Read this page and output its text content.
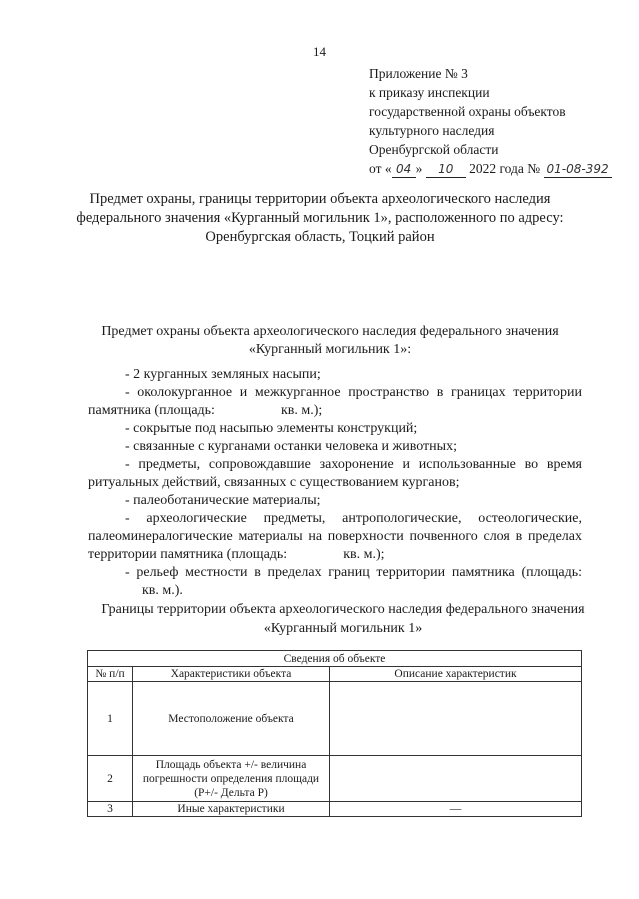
14
Приложение № 3
к приказу инспекции
государственной охраны объектов
культурного наследия
Оренбургской области
от « 04 » 10 2022 года № 01-08-392
Предмет охраны, границы территории объекта археологического наследия федерального значения «Курганный могильник 1», расположенного по адресу: Оренбургская область, Тоцкий район
Предмет охраны объекта археологического наследия федерального значения «Курганный могильник 1»:

- 2 курганных земляных насыпи;

- околокурганное и межкурганное пространство в границах территории памятника (площадь:	кв. м.);

- сокрытые под насыпью элементы конструкций;

- связанные с курганами останки человека и животных;

- предметы, сопровождавшие захоронение и использованные во время ритуальных действий, связанных с существованием курганов;

- палеоботанические материалы;

- археологические предметы, антропологические, остеологические, палеоминералогические материалы на поверхности почвенного слоя в пределах территории памятника (площадь:	кв. м.);

- рельеф местности в пределах границ территории памятника (площадь:кв. м.).

Границы территории объекта археологического наследия федерального значения «Курганный могильник 1»
Сведения об объекте		
№ п/п	Характеристики объекта	Описание характеристик
1	Местоположение объекта	
2	Площадь объекта +/- величина погрешности определения площади (Р+/- Дельта Р)	
3	Иные характеристики	—
